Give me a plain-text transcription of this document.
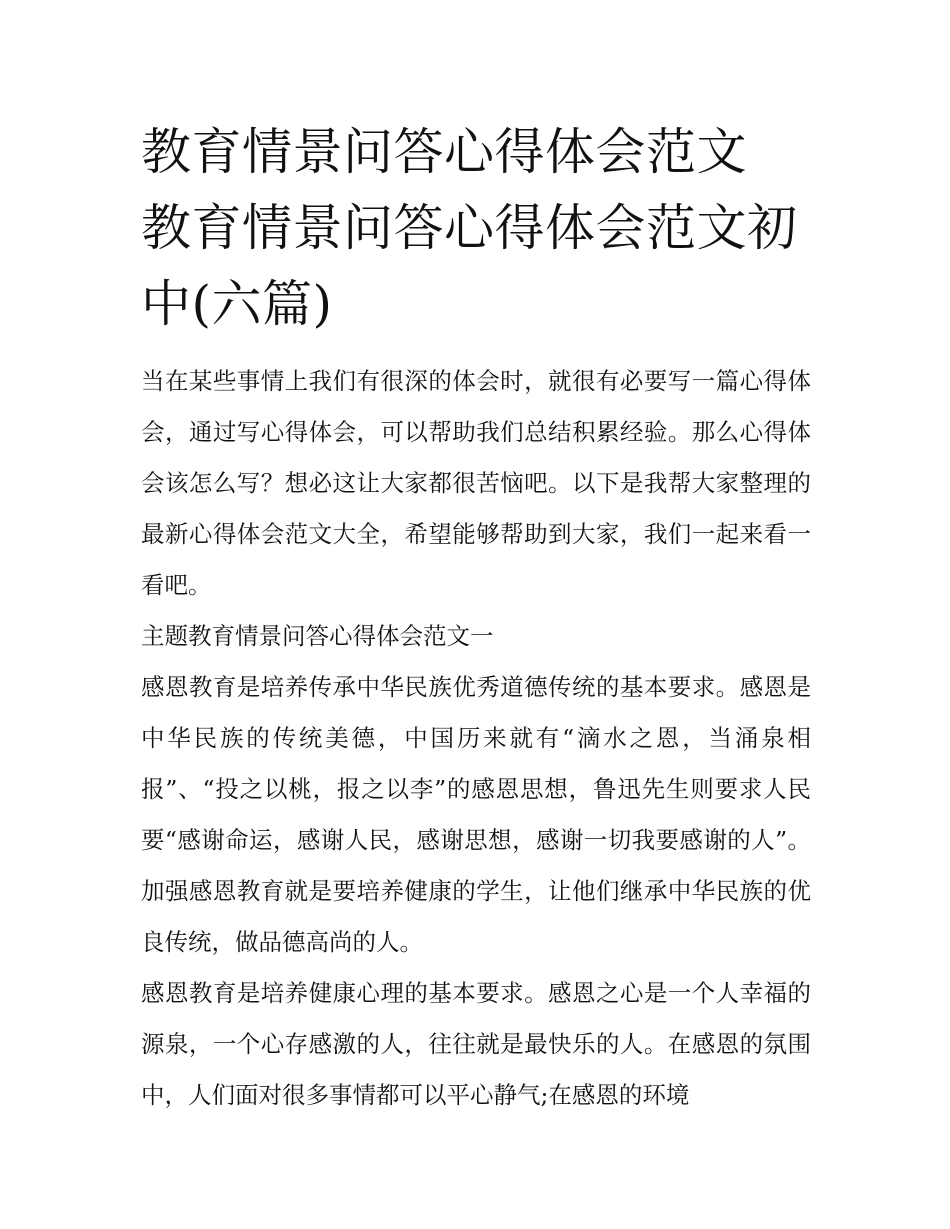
教育情景问答心得体会范文 教育情景问答心得体会范文初中(六篇)

当在某些事情上我们有很深的体会时，就很有必要写一篇心得体会，通过写心得体会，可以帮助我们总结积累经验。那么心得体会该怎么写？想必这让大家都很苦恼吧。以下是我帮大家整理的最新心得体会范文大全，希望能够帮助到大家，我们一起来看一看吧。

主题教育情景问答心得体会范文一

感恩教育是培养传承中华民族优秀道德传统的基本要求。感恩是中华民族的传统美德，中国历来就有“滴水之恩，当涌泉相报”、“投之以桃，报之以李”的感恩思想，鲁迅先生则要求人民要“感谢命运，感谢人民，感谢思想，感谢一切我要感谢的人”。加强感恩教育就是要培养健康的学生，让他们继承中华民族的优良传统，做品德高尚的人。

感恩教育是培养健康心理的基本要求。感恩之心是一个人幸福的源泉，一个心存感激的人，往往就是最快乐的人。在感恩的氛围中，人们面对很多事情都可以平心静气;在感恩的环境
